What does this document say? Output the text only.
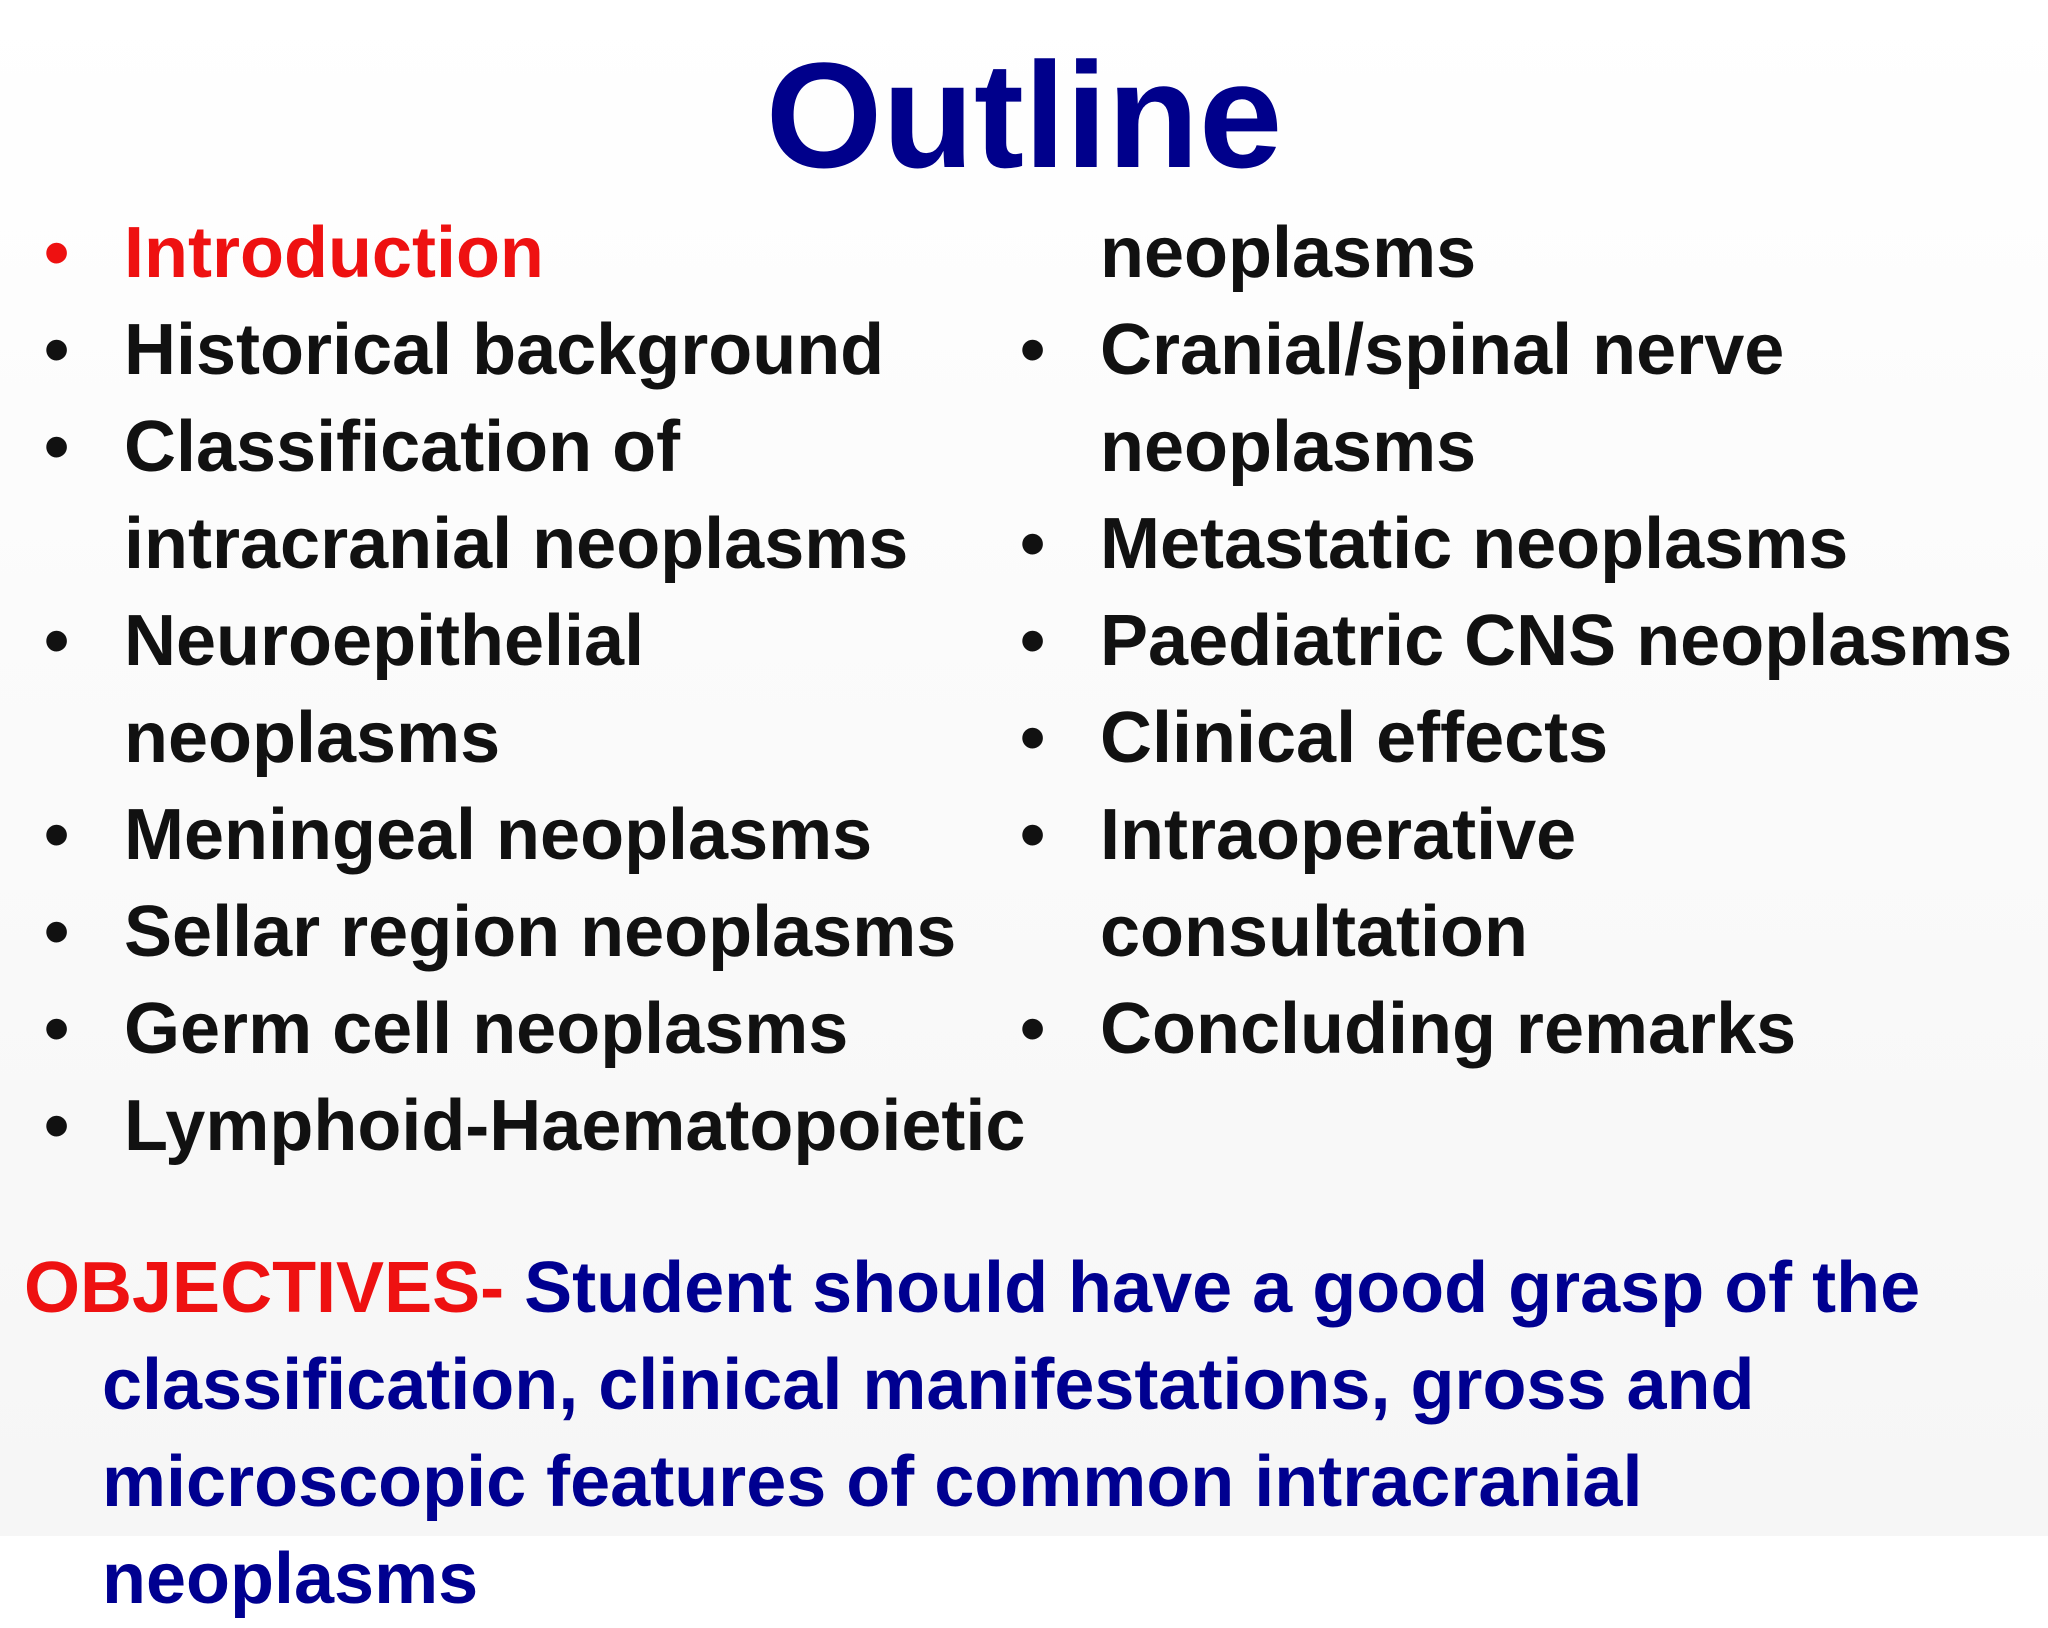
Outline
• Introduction
• Historical background
• Classification of
intracranial neoplasms
• Neuroepithelial
neoplasms
• Meningeal neoplasms
• Sellar region neoplasms
• Germ cell neoplasms
• Lymphoid-Haematopoietic
neoplasms
• Cranial/spinal nerve
neoplasms
• Metastatic neoplasms
• Paediatric CNS neoplasms
• Clinical effects
• Intraoperative
consultation
• Concluding remarks

OBJECTIVES- Student should have a good grasp of the
classification, clinical manifestations, gross and
microscopic features of common intracranial neoplasms
